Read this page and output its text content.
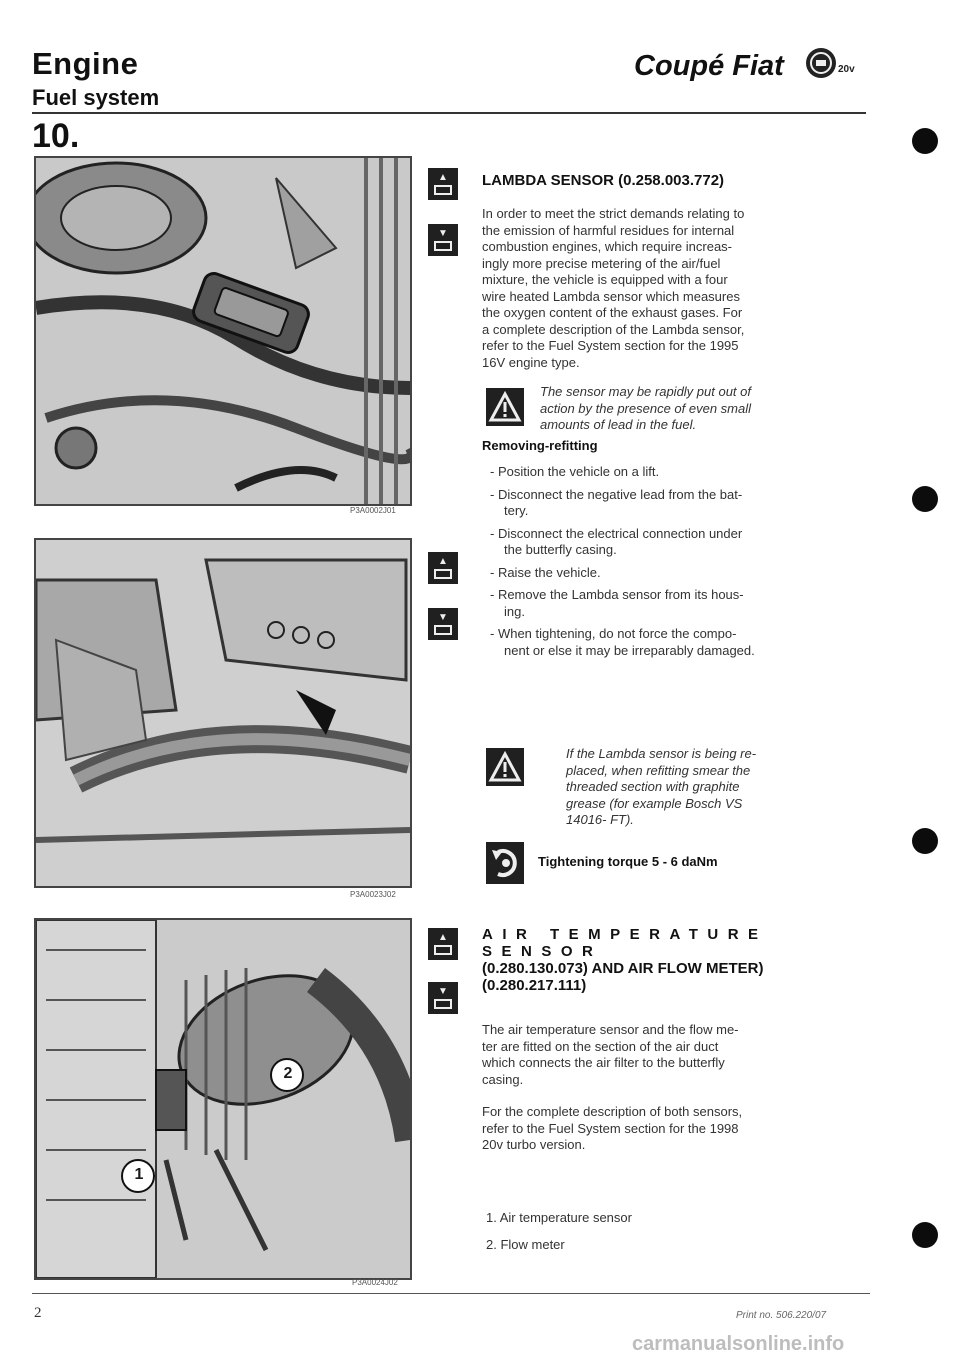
Engine
Fuel system
Coupé Fiat	20v
10.
P3A0002J01
P3A0023J02
1
2
P3A0024J02
▲
▼
▲
▼
▲
▼
LAMBDA SENSOR (0.258.003.772)
In order to meet the strict demands relating to
the emission of harmful residues for internal
combustion engines, which require increas-
ingly more precise metering of the air/fuel
mixture, the vehicle is equipped with a four
wire heated Lambda sensor which measures
the oxygen content of the exhaust gases. For
a complete description of the Lambda sensor,
refer to the Fuel System section for the 1995
16V engine type.
The sensor may be rapidly put out of
action by the presence of even small
amounts of lead in the fuel.
Removing-refitting
- Position the vehicle on a lift.
- Disconnect the negative lead from the bat-
tery.
- Disconnect the electrical connection under
the butterfly casing.
- Raise the vehicle.
- Remove the Lambda sensor from its hous-
ing.
- When tightening, do not force the compo-
nent or else it may be irreparably damaged.
If the Lambda sensor is being re-
placed, when refitting smear the
threaded section with graphite
grease (for example Bosch VS
14016- FT).
Tightening torque 5 - 6 daNm
AIR TEMPERATURE SENSOR
(0.280.130.073) AND AIR FLOW METER)
(0.280.217.111)
The air temperature sensor and the flow me-
ter are fitted on the section of the air duct
which connects the air filter to the butterfly
casing.
For the complete description of both sensors,
refer to the Fuel System section for the 1998
20v turbo version.
1. Air temperature sensor
2. Flow meter
2	Print no. 506.220/07
carmanualsonline.info
